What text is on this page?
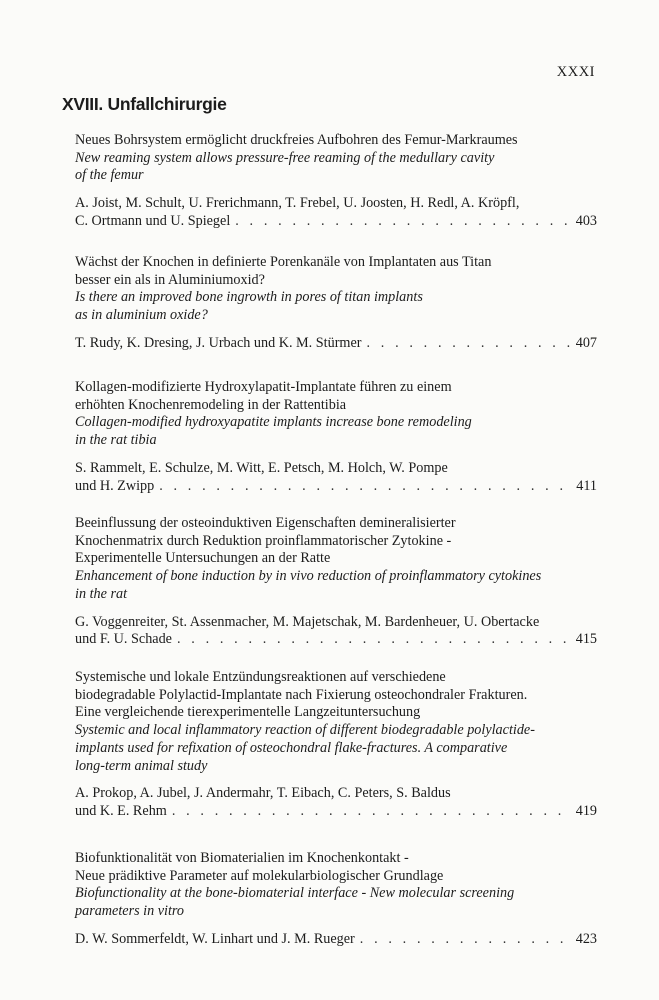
XXXI
XVIII. Unfallchirurgie

Neues Bohrsystem ermöglicht druckfreies Aufbohren des Femur-Markraumes
New reaming system allows pressure-free reaming of the medullary cavity
of the femur

A. Joist, M. Schult, U. Frerichmann, T. Frebel, U. Joosten, H. Redl, A. Kröpfl,
C. Ortmann und U. Spiegel . . .	403

Wächst der Knochen in definierte Porenkanäle von Implantaten aus Titan
besser ein als in Aluminiumoxid?
Is there an improved bone ingrowth in pores of titan implants
as in aluminium oxide?

T. Rudy, K. Dresing, J. Urbach und K. M. Stürmer . . .	407

Kollagen-modifizierte Hydroxylapatit-Implantate führen zu einem
erhöhten Knochenremodeling in der Rattentibia
Collagen-modified hydroxyapatite implants increase bone remodeling
in the rat tibia

S. Rammelt, E. Schulze, M. Witt, E. Petsch, M. Holch, W. Pompe
und H. Zwipp . . .	411

Beeinflussung der osteoinduktiven Eigenschaften demineralisierter
Knochenmatrix durch Reduktion proinflammatorischer Zytokine -
Experimentelle Untersuchungen an der Ratte
Enhancement of bone induction by in vivo reduction of proinflammatory cytokines
in the rat

G. Voggenreiter, St. Assenmacher, M. Majetschak, M. Bardenheuer, U. Obertacke
und F. U. Schade . . .	415

Systemische und lokale Entzündungsreaktionen auf verschiedene
biodegradable Polylactid-Implantate nach Fixierung osteochondraler Frakturen.
Eine vergleichende tierexperimentelle Langzeituntersuchung
Systemic and local inflammatory reaction of different biodegradable polylactide-
implants used for refixation of osteochondral flake-fractures. A comparative
long-term animal study

A. Prokop, A. Jubel, J. Andermahr, T. Eibach, C. Peters, S. Baldus
und K. E. Rehm . . .	419

Biofunktionalität von Biomaterialien im Knochenkontakt -
Neue prädiktive Parameter auf molekularbiologischer Grundlage
Biofunctionality at the bone-biomaterial interface - New molecular screening
parameters in vitro

D. W. Sommerfeldt, W. Linhart und J. M. Rueger . . .	423
